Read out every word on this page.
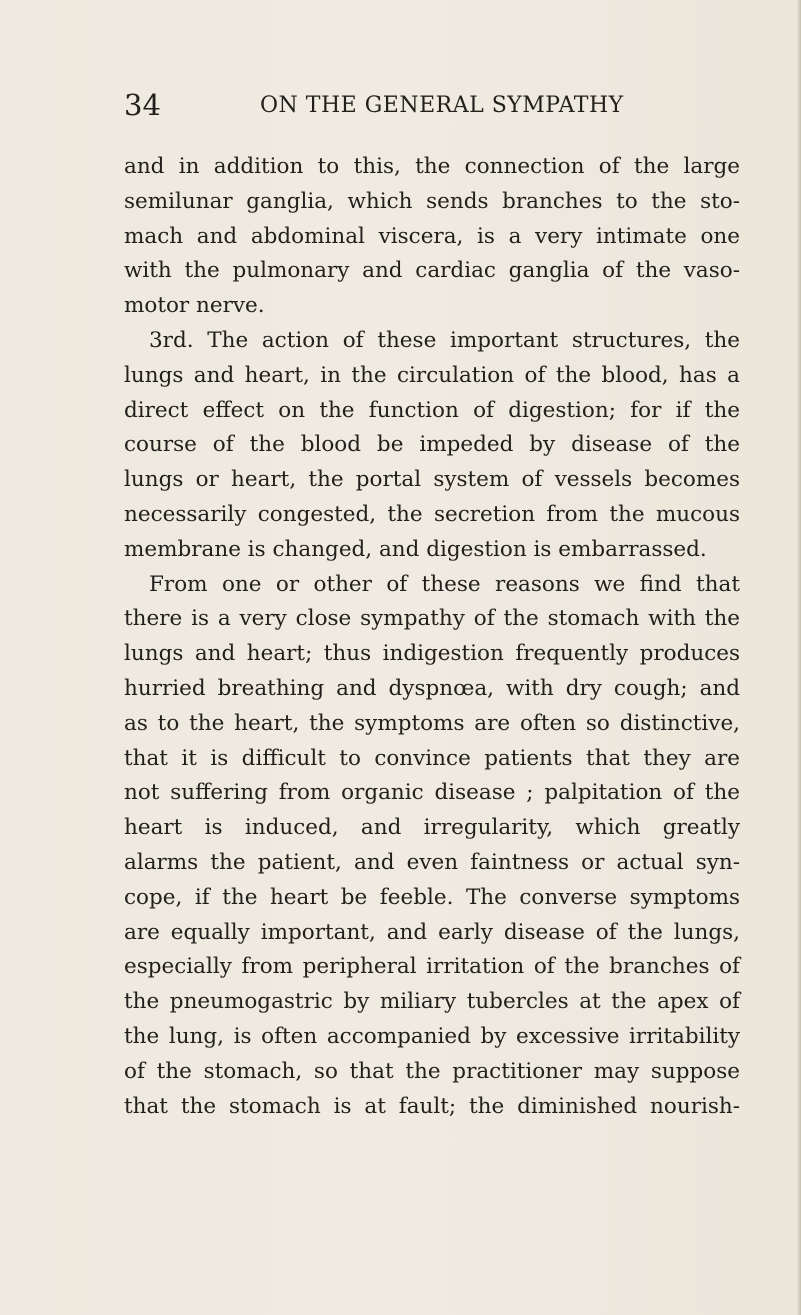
34	ON THE GENERAL SYMPATHY
and in addition to this, the connection of the large
semilunar ganglia, which sends branches to the sto-
mach and abdominal viscera, is a very intimate one
with the pulmonary and cardiac ganglia of the vaso-
motor nerve.
3rd. The action of these important structures, the
lungs and heart, in the circulation of the blood, has a
direct effect on the function of digestion; for if the
course of the blood be impeded by disease of the
lungs or heart, the portal system of vessels becomes
necessarily congested, the secretion from the mucous
membrane is changed, and digestion is embarrassed.
From one or other of these reasons we find that
there is a very close sympathy of the stomach with the
lungs and heart; thus indigestion frequently produces
hurried breathing and dyspnœa, with dry cough; and
as to the heart, the symptoms are often so distinctive,
that it is difficult to convince patients that they are
not suffering from organic disease ; palpitation of the
heart is induced, and irregularity, which greatly
alarms the patient, and even faintness or actual syn-
cope, if the heart be feeble. The converse symptoms
are equally important, and early disease of the lungs,
especially from peripheral irritation of the branches of
the pneumogastric by miliary tubercles at the apex of
the lung, is often accompanied by excessive irritability
of the stomach, so that the practitioner may suppose
that the stomach is at fault; the diminished nourish-
